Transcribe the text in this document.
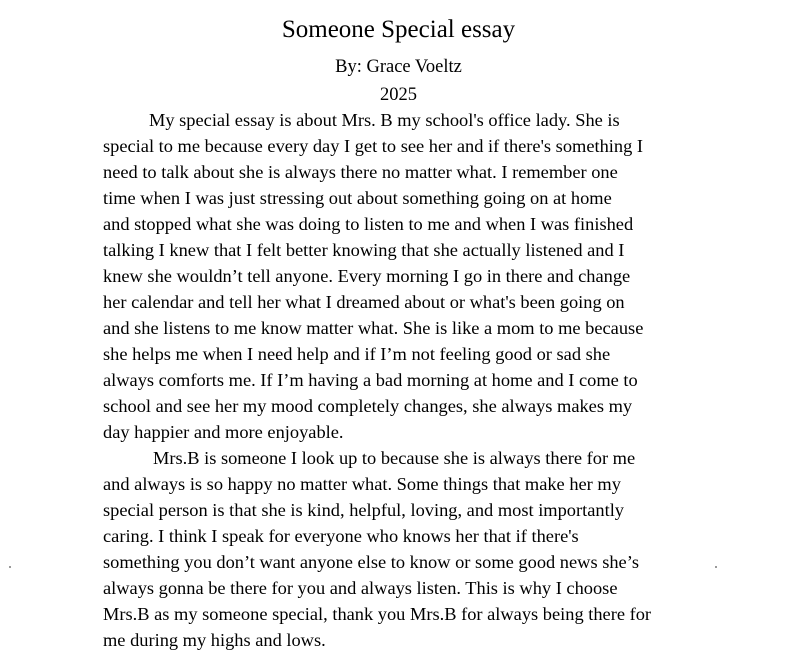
Someone Special essay
By: Grace Voeltz
2025
My special essay is about Mrs. B my school's office lady. She is
special to me because every day I get to see her and if there's something I
need to talk about she is always there no matter what. I remember one
time when I was just stressing out about something going on at home
and stopped what she was doing to listen to me and when I was finished
talking I knew that I felt better knowing that she actually listened and I
knew she wouldn’t tell anyone. Every morning I go in there and change
her calendar and tell her what I dreamed about or what's been going on
and she listens to me know matter what. She is like a mom to me because
she helps me when I need help and if I’m not feeling good or sad she
always comforts me. If I’m having a bad morning at home and I come to
school and see her my mood completely changes, she always makes my
day happier and more enjoyable.
Mrs.B is someone I look up to because she is always there for me
and always is so happy no matter what. Some things that make her my
special person is that she is kind, helpful, loving, and most importantly
caring. I think I speak for everyone who knows her that if there's
something you don’t want anyone else to know or some good news she’s
always gonna be there for you and always listen. This is why I choose
Mrs.B as my someone special, thank you Mrs.B for always being there for
me during my highs and lows.
